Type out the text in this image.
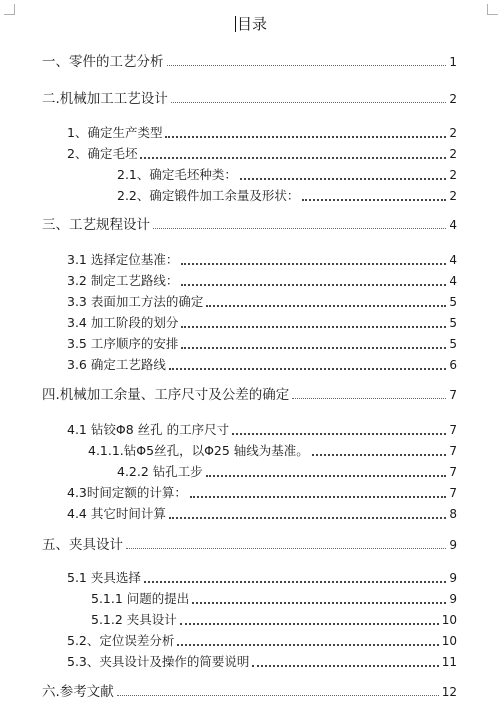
目录
一、零件的工艺分析	1
二.机械加工工艺设计	2
1、确定生产类型	2
2、确定毛坯	2
2.1、确定毛坯种类：	2
2.2、确定锻件加工余量及形状：	2
三、工艺规程设计	4
3.1 选择定位基准：	4
3.2 制定工艺路线：	4
3.3 表面加工方法的确定	5
3.4 加工阶段的划分	5
3.5 工序顺序的安排	5
3.6 确定工艺路线	6
四.机械加工余量、工序尺寸及公差的确定	7
4.1 钻铰Φ8 丝孔 的工序尺寸	7
4.1.1.钻Φ5丝孔，以Φ25 轴线为基准。	7
4.2.2 钻孔工步	7
4.3时间定额的计算：	7
4.4 其它时间计算	8
五、夹具设计	9
5.1 夹具选择	9
5.1.1 问题的提出	9
5.1.2 夹具设计	10
5.2、定位误差分析	10
5.3、夹具设计及操作的简要说明	11
六.参考文献	12
